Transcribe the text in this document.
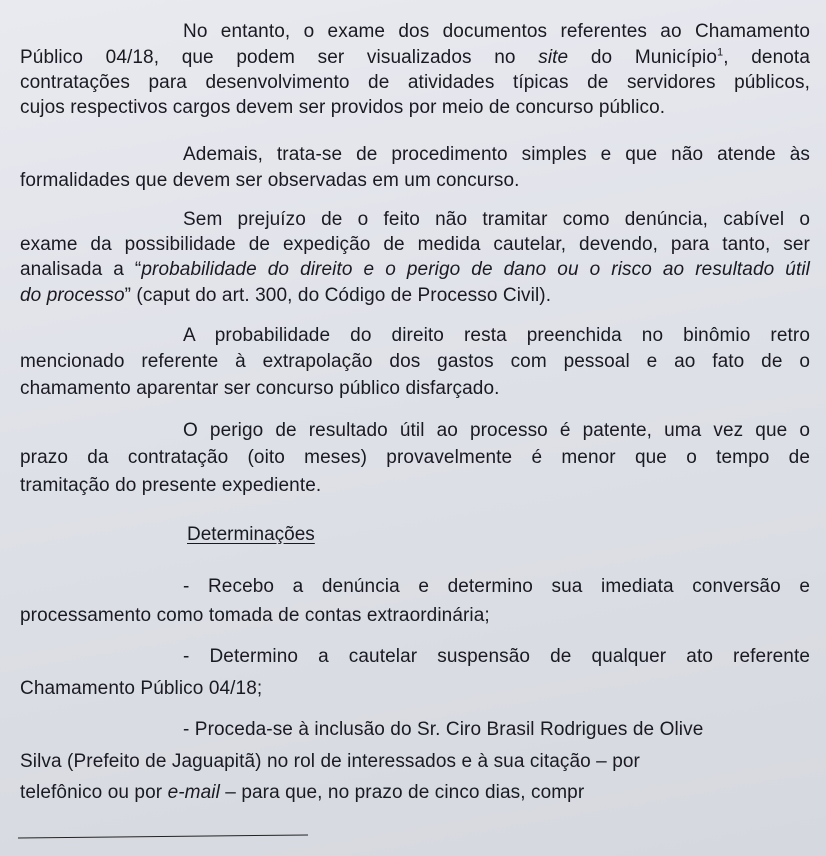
No entanto, o exame dos documentos referentes ao Chamamento
Público 04/18, que podem ser visualizados no site do Município$^1$, denota
contratações para desenvolvimento de atividades típicas de servidores públicos,
cujos respectivos cargos devem ser providos por meio de concurso público.
Ademais, trata-se de procedimento simples e que não atende às
formalidades que devem ser observadas em um concurso.
Sem prejuízo de o feito não tramitar como denúncia, cabível o
exame da possibilidade de expedição de medida cautelar, devendo, para tanto, ser
analisada a “probabilidade do direito e o perigo de dano ou o risco ao resultado útil
do processo” (caput do art. 300, do Código de Processo Civil).
A probabilidade do direito resta preenchida no binômio retro
mencionado referente à extrapolação dos gastos com pessoal e ao fato de o
chamamento aparentar ser concurso público disfarçado.
O perigo de resultado útil ao processo é patente, uma vez que o
prazo da contratação (oito meses) provavelmente é menor que o tempo de
tramitação do presente expediente.
Determinações
- Recebo a denúncia e determino sua imediata conversão e
processamento como tomada de contas extraordinária;
- Determino a cautelar suspensão de qualquer ato referente
Chamamento Público 04/18;
- Proceda-se à inclusão do Sr. Ciro Brasil Rodrigues de Olive
Silva (Prefeito de Jaguapitã) no rol de interessados e à sua citação – por
telefônico ou por e-mail – para que, no prazo de cinco dias, compr
